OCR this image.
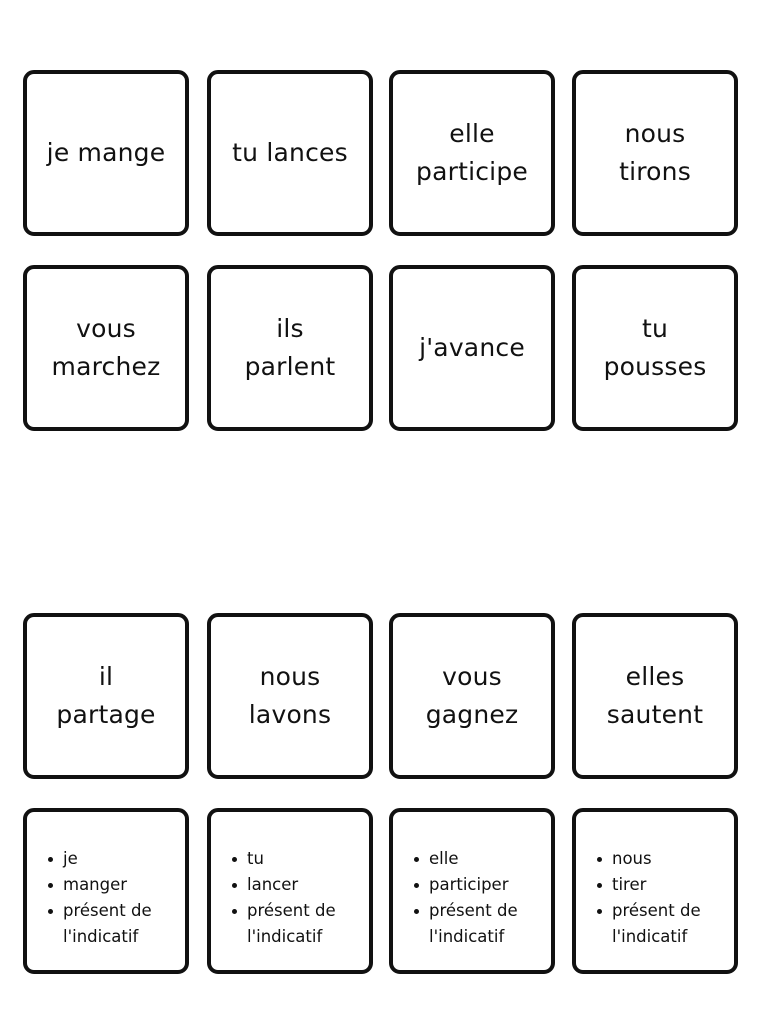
je mange	tu lances
elle
participe
nous
tirons
vous
marchez
ils
parlent
j'avance
tu
pousses
il
partage
nous
lavons
vous
gagnez
elles
sautent
je
manger
présent de
l'indicatif
tu
lancer
présent de
l'indicatif
elle
participer
présent de
l'indicatif
nous
tirer
présent de
l'indicatif
